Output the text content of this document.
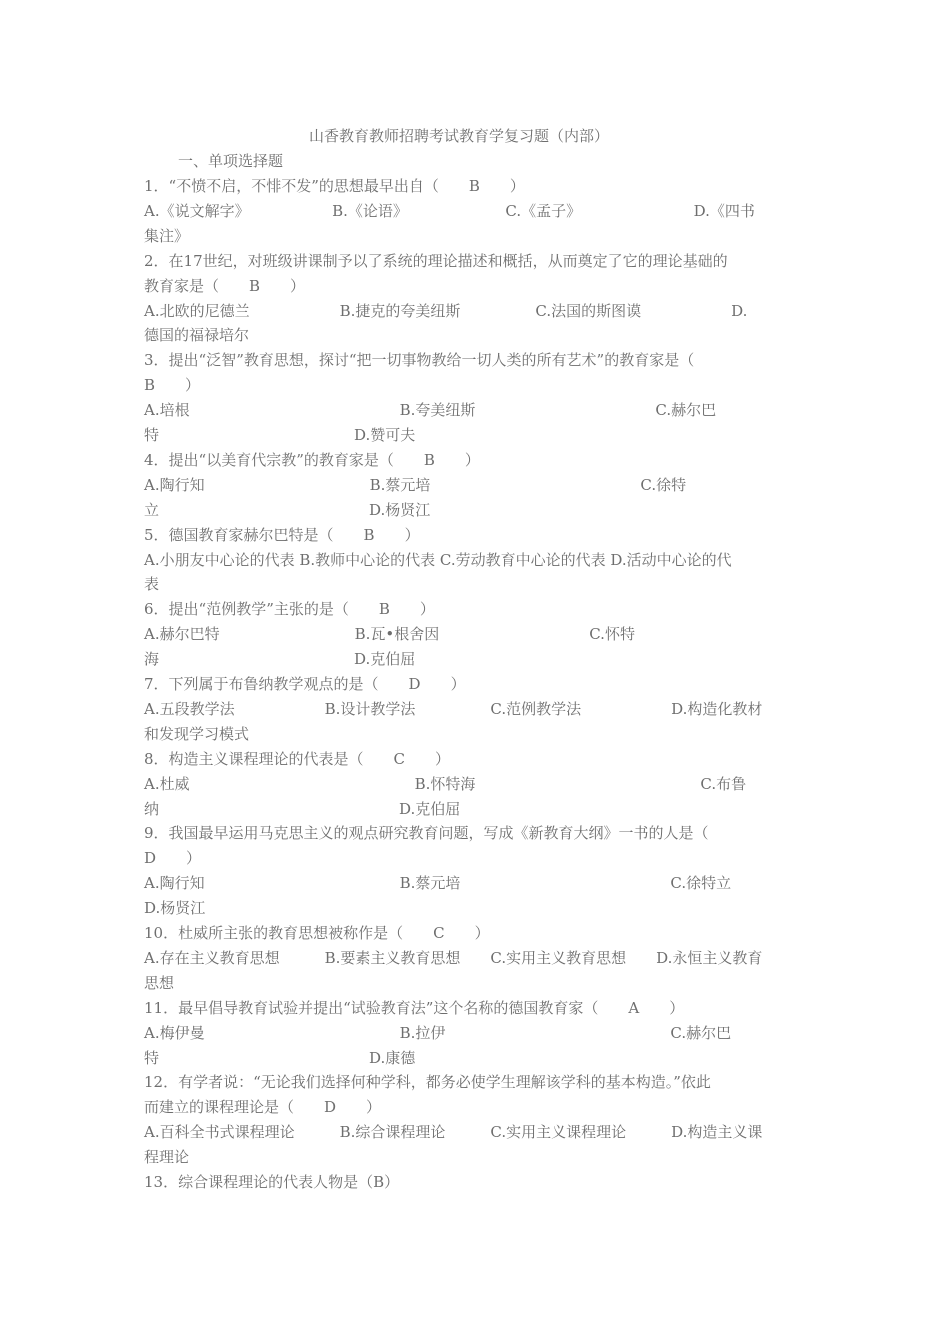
山香教育教师招聘考试教育学复习题（内部）

一、单项选择题

1．“不愤不启，不悱不发”的思想最早出自（　　B　　）

A.《说文解字》　　　　　　B.《论语》　　　　　　　C.《孟子》　　　　　　　　D.《四书

集注》

2．在17世纪，对班级讲课制予以了系统的理论描述和概括，从而奠定了它的理论基础的

教育家是（　　B　　）

A.北欧的尼德兰　　　　　　B.捷克的夸美纽斯　　　　　C.法国的斯图谟　　　　　　D.

德国的福禄培尔

3．提出“泛智”教育思想，探讨“把一切事物教给一切人类的所有艺术”的教育家是（

B　　）

A.培根　　　　　　　　　　　　　　B.夸美纽斯　　　　　　　　　　　　C.赫尔巴

特　　　　　　　　　　　　　D.赞可夫

4．提出“以美育代宗教”的教育家是（　　B　　）

A.陶行知　　　　　　　　　　　B.蔡元培　　　　　　　　　　　　　　C.徐特

立　　　　　　　　　　　　　　D.杨贤江

5．德国教育家赫尔巴特是（　　B　　）

A.小朋友中心论的代表 B.教师中心论的代表 C.劳动教育中心论的代表 D.活动中心论的代

表

6．提出“范例教学”主张的是（　　B　　）

A.赫尔巴特　　　　　　　　　B.瓦•根舍因　　　　　　　　　　C.怀特

海　　　　　　　　　　　　　D.克伯屈

7．下列属于布鲁纳教学观点的是（　　D　　）

A.五段教学法　　　　　　B.设计教学法　　　　　C.范例教学法　　　　　　D.构造化教材

和发现学习模式

8．构造主义课程理论的代表是（　　C　　）

A.杜威　　　　　　　　　　　　　　　B.怀特海　　　　　　　　　　　　　　　C.布鲁

纳　　　　　　　　　　　　　　　　D.克伯屈

9．我国最早运用马克思主义的观点研究教育问题，写成《新教育大纲》一书的人是（

D　　）

A.陶行知　　　　　　　　　　　　　B.蔡元培　　　　　　　　　　　　　　C.徐特立

D.杨贤江

10．杜威所主张的教育思想被称作是（　　C　　）

A.存在主义教育思想　　　B.要素主义教育思想　　C.实用主义教育思想　　D.永恒主义教育

思想

11．最早倡导教育试验并提出“试验教育法”这个名称的德国教育家（　　A　　）

A.梅伊曼　　　　　　　　　　　　　B.拉伊　　　　　　　　　　　　　　　C.赫尔巴

特　　　　　　　　　　　　　　D.康德

12．有学者说：“无论我们选择何种学科，都务必使学生理解该学科的基本构造。”依此

而建立的课程理论是（　　D　　）

A.百科全书式课程理论　　　B.综合课程理论　　　C.实用主义课程理论　　　D.构造主义课

程理论

13．综合课程理论的代表人物是（B）
